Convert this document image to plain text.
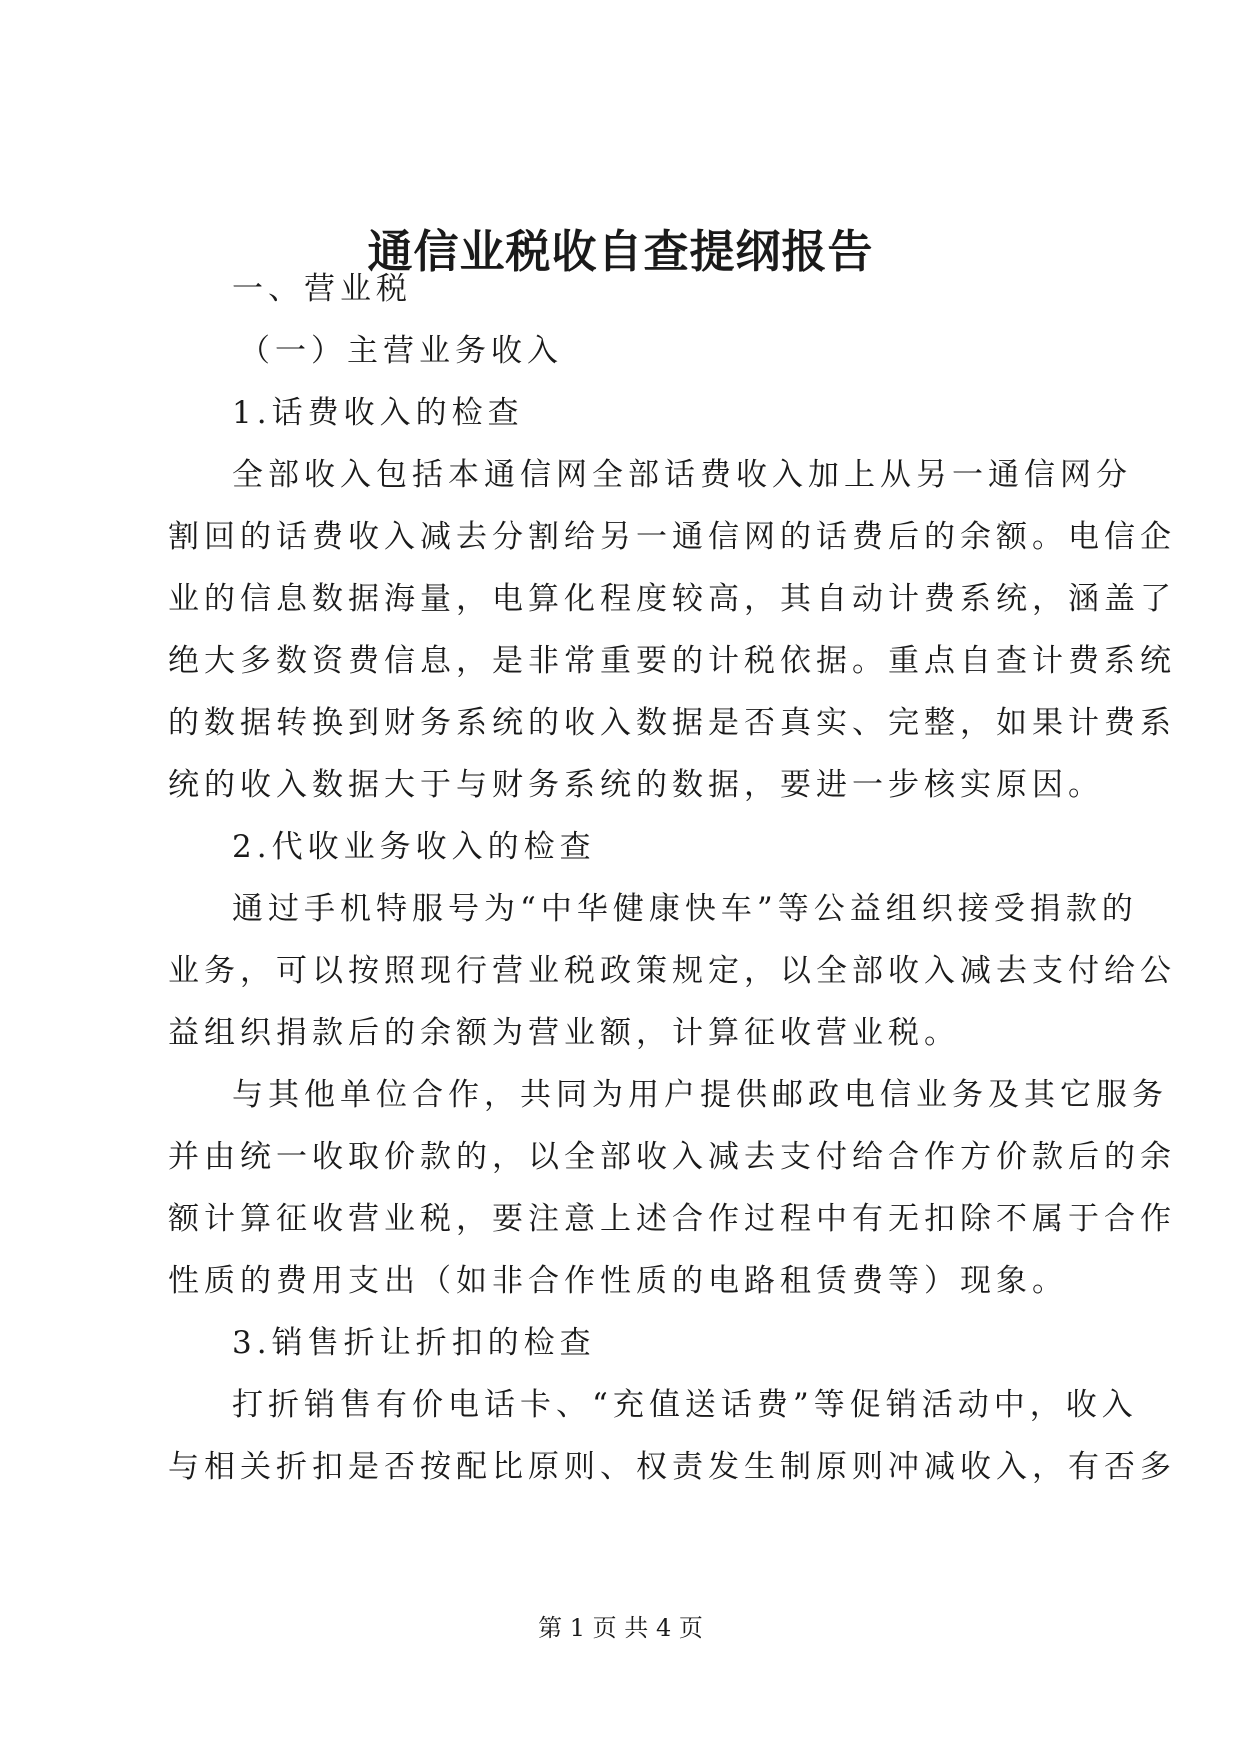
通信业税收自查提纲报告
一、营业税
（一）主营业务收入
1.话费收入的检查
全部收入包括本通信网全部话费收入加上从另一通信网分
割回的话费收入减去分割给另一通信网的话费后的余额。电信企
业的信息数据海量，电算化程度较高，其自动计费系统，涵盖了
绝大多数资费信息，是非常重要的计税依据。重点自查计费系统
的数据转换到财务系统的收入数据是否真实、完整，如果计费系
统的收入数据大于与财务系统的数据，要进一步核实原因。
2.代收业务收入的检查
通过手机特服号为“中华健康快车”等公益组织接受捐款的
业务，可以按照现行营业税政策规定，以全部收入减去支付给公
益组织捐款后的余额为营业额，计算征收营业税。
与其他单位合作，共同为用户提供邮政电信业务及其它服务
并由统一收取价款的，以全部收入减去支付给合作方价款后的余
额计算征收营业税，要注意上述合作过程中有无扣除不属于合作
性质的费用支出（如非合作性质的电路租赁费等）现象。
3.销售折让折扣的检查
打折销售有价电话卡、“充值送话费”等促销活动中，收入
与相关折扣是否按配比原则、权责发生制原则冲减收入，有否多
第 1 页 共 4 页
